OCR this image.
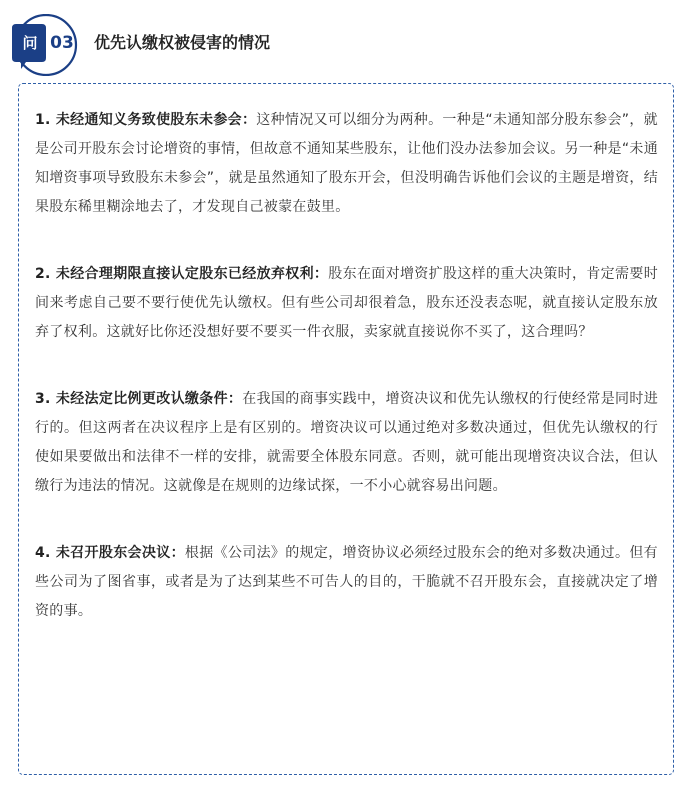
问 03 优先认缴权被侵害的情况

1. 未经通知义务致使股东未参会：这种情况又可以细分为两种。一种是“未通知部分股东参会”，就是公司开股东会讨论增资的事情，但故意不通知某些股东，让他们没办法参加会议。另一种是“未通知增资事项导致股东未参会”，就是虽然通知了股东开会，但没明确告诉他们会议的主题是增资，结果股东稀里糊涂地去了，才发现自己被蒙在鼓里。

2. 未经合理期限直接认定股东已经放弃权利：股东在面对增资扩股这样的重大决策时，肯定需要时间来考虑自己要不要行使优先认缴权。但有些公司却很着急，股东还没表态呢，就直接认定股东放弃了权利。这就好比你还没想好要不要买一件衣服，卖家就直接说你不买了，这合理吗？

3. 未经法定比例更改认缴条件：在我国的商事实践中，增资决议和优先认缴权的行使经常是同时进行的。但这两者在决议程序上是有区别的。增资决议可以通过绝对多数决通过，但优先认缴权的行使如果要做出和法律不一样的安排，就需要全体股东同意。否则，就可能出现增资决议合法，但认缴行为违法的情况。这就像是在规则的边缘试探，一不小心就容易出问题。

4. 未召开股东会决议：根据《公司法》的规定，增资协议必须经过股东会的绝对多数决通过。但有些公司为了图省事，或者是为了达到某些不可告人的目的，干脆就不召开股东会，直接就决定了增资的事。
